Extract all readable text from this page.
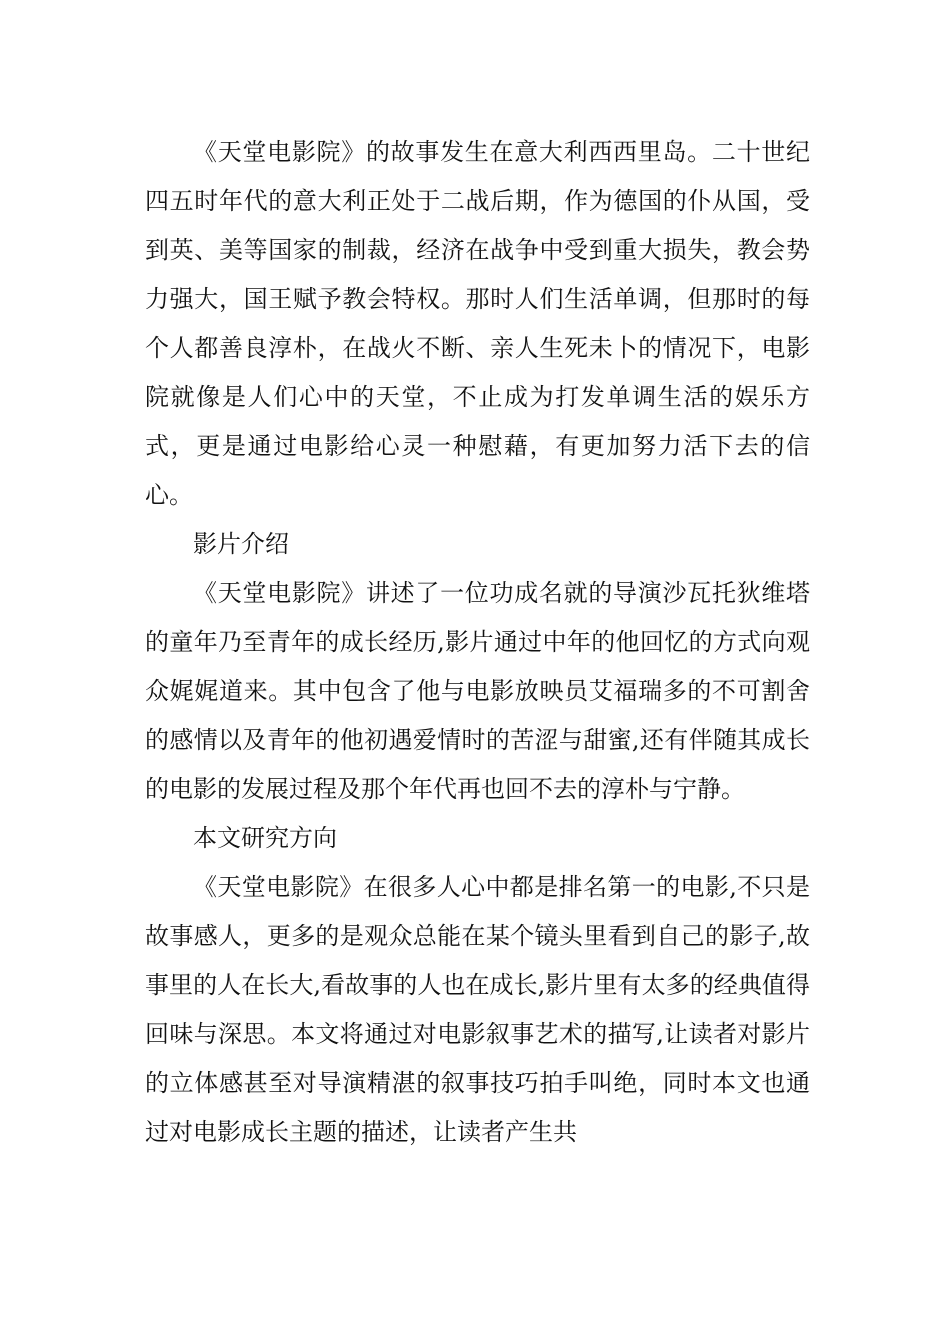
《天堂电影院》的故事发生在意大利西西里岛。二十世纪四五时年代的意大利正处于二战后期，作为德国的仆从国，受到英、美等国家的制裁，经济在战争中受到重大损失，教会势力强大，国王赋予教会特权。那时人们生活单调，但那时的每个人都善良淳朴，在战火不断、亲人生死未卜的情况下，电影院就像是人们心中的天堂，不止成为打发单调生活的娱乐方式，更是通过电影给心灵一种慰藉，有更加努力活下去的信心。

影片介绍

《天堂电影院》讲述了一位功成名就的导演沙瓦托狄维塔的童年乃至青年的成长经历,影片通过中年的他回忆的方式向观众娓娓道来。其中包含了他与电影放映员艾福瑞多的不可割舍的感情以及青年的他初遇爱情时的苦涩与甜蜜,还有伴随其成长的电影的发展过程及那个年代再也回不去的淳朴与宁静。

本文研究方向

《天堂电影院》在很多人心中都是排名第一的电影,不只是故事感人，更多的是观众总能在某个镜头里看到自己的影子,故事里的人在长大,看故事的人也在成长,影片里有太多的经典值得回味与深思。本文将通过对电影叙事艺术的描写,让读者对影片的立体感甚至对导演精湛的叙事技巧拍手叫绝，同时本文也通过对电影成长主题的描述，让读者产生共
